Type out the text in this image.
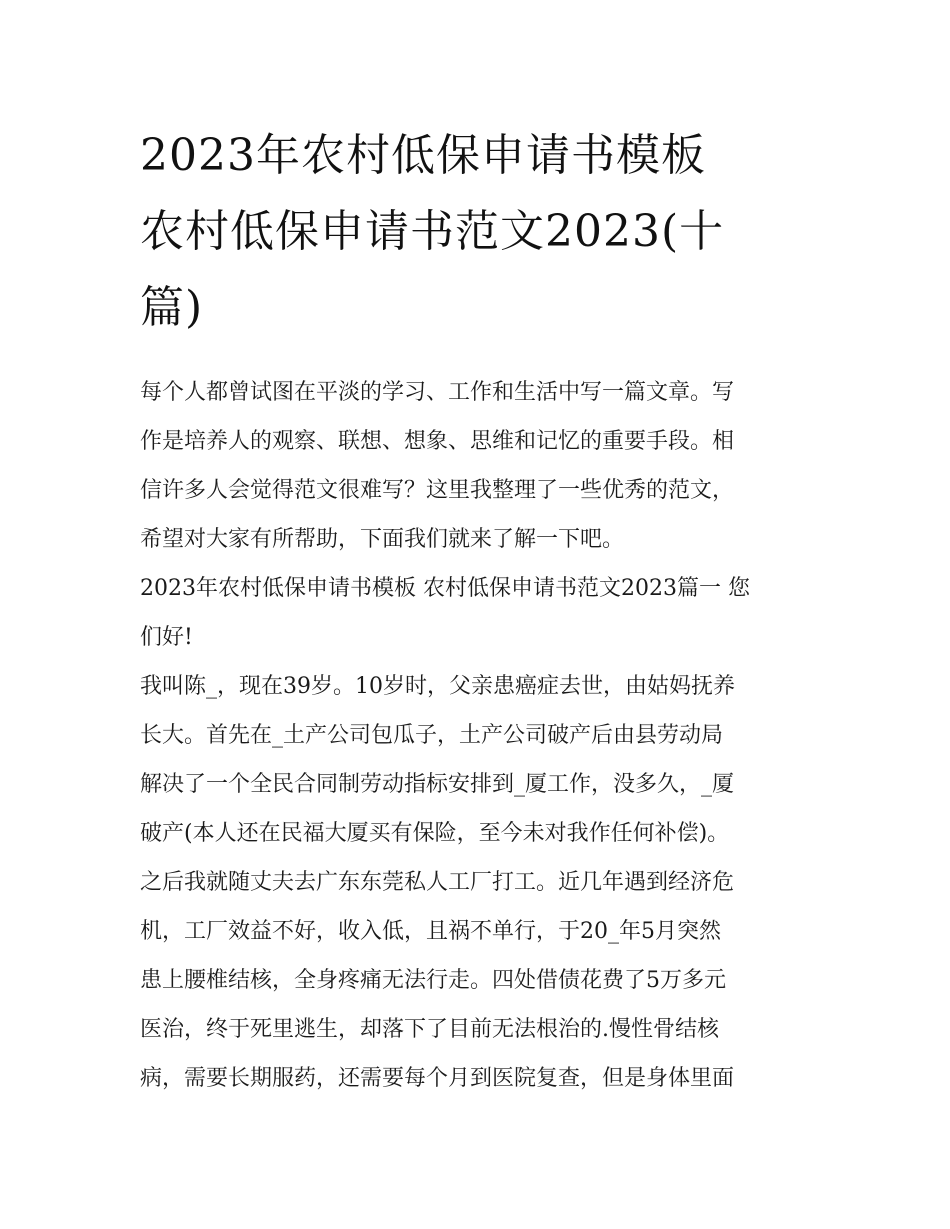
2023年农村低保申请书模板
农村低保申请书范文2023(十
篇)
每个人都曾试图在平淡的学习、工作和生活中写一篇文章。写
作是培养人的观察、联想、想象、思维和记忆的重要手段。相
信许多人会觉得范文很难写？这里我整理了一些优秀的范文，
希望对大家有所帮助，下面我们就来了解一下吧。
2023年农村低保申请书模板 农村低保申请书范文2023篇一 您
们好!
我叫陈_，现在39岁。10岁时，父亲患癌症去世，由姑妈抚养
长大。首先在_土产公司包瓜子，土产公司破产后由县劳动局
解决了一个全民合同制劳动指标安排到_厦工作，没多久，_厦
破产(本人还在民福大厦买有保险，至今未对我作任何补偿)。
之后我就随丈夫去广东东莞私人工厂打工。近几年遇到经济危
机，工厂效益不好，收入低，且祸不单行，于20_年5月突然
患上腰椎结核，全身疼痛无法行走。四处借债花费了5万多元
医治，终于死里逃生，却落下了目前无法根治的.慢性骨结核
病，需要长期服药，还需要每个月到医院复查，但是身体里面
